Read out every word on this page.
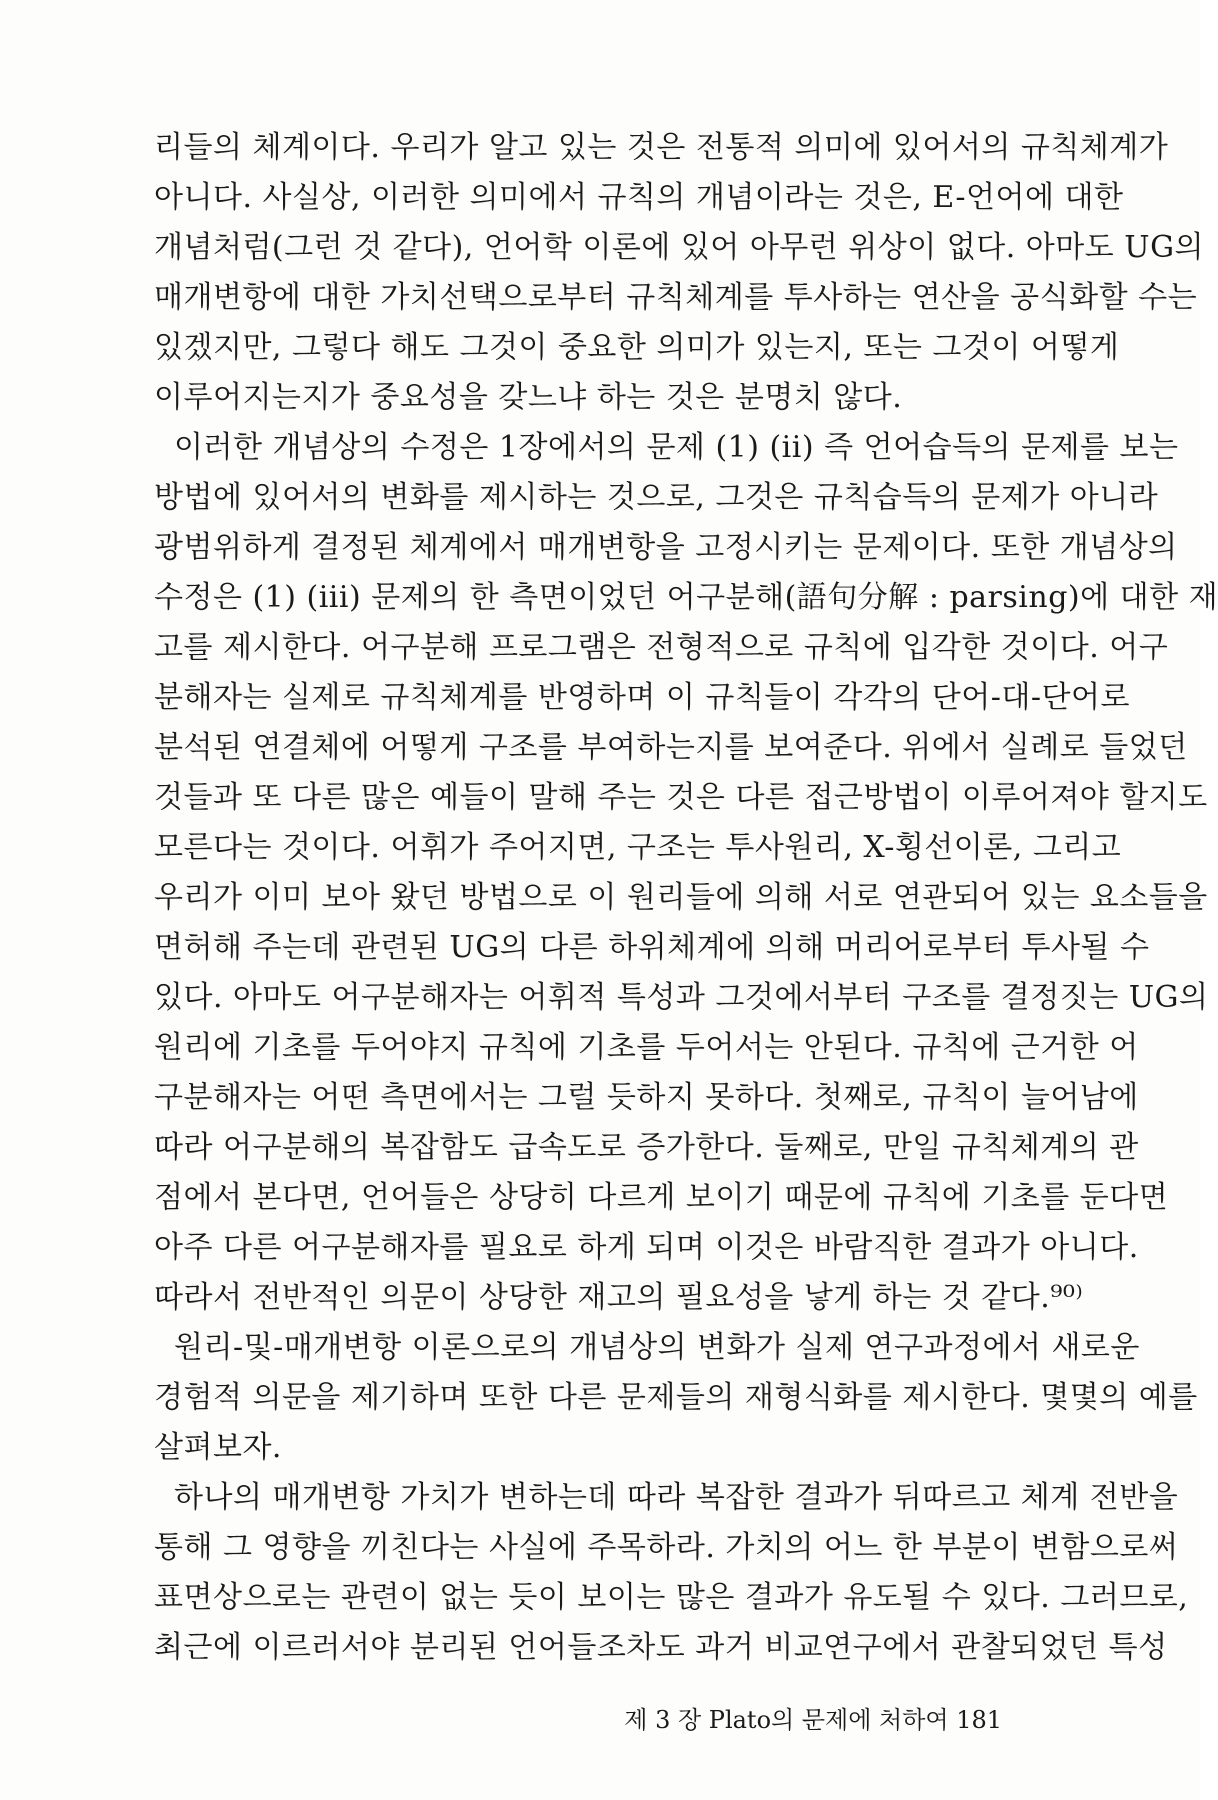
리들의 체계이다. 우리가 알고 있는 것은 전통적 의미에 있어서의 규칙체계가
아니다. 사실상, 이러한 의미에서 규칙의 개념이라는 것은, E-언어에 대한
개념처럼(그런 것 같다), 언어학 이론에 있어 아무런 위상이 없다. 아마도 UG의
매개변항에 대한 가치선택으로부터 규칙체계를 투사하는 연산을 공식화할 수는
있겠지만, 그렇다 해도 그것이 중요한 의미가 있는지, 또는 그것이 어떻게
이루어지는지가 중요성을 갖느냐 하는 것은 분명치 않다.
이러한 개념상의 수정은 1장에서의 문제 (1) (ii) 즉 언어습득의 문제를 보는
방법에 있어서의 변화를 제시하는 것으로, 그것은 규칙습득의 문제가 아니라
광범위하게 결정된 체계에서 매개변항을 고정시키는 문제이다. 또한 개념상의
수정은 (1) (iii) 문제의 한 측면이었던 어구분해(語句分解 : parsing)에 대한 재
고를 제시한다. 어구분해 프로그램은 전형적으로 규칙에 입각한 것이다. 어구
분해자는 실제로 규칙체계를 반영하며 이 규칙들이 각각의 단어-대-단어로
분석된 연결체에 어떻게 구조를 부여하는지를 보여준다. 위에서 실례로 들었던
것들과 또 다른 많은 예들이 말해 주는 것은 다른 접근방법이 이루어져야 할지도
모른다는 것이다. 어휘가 주어지면, 구조는 투사원리, X-횡선이론, 그리고
우리가 이미 보아 왔던 방법으로 이 원리들에 의해 서로 연관되어 있는 요소들을
면허해 주는데 관련된 UG의 다른 하위체계에 의해 머리어로부터 투사될 수
있다. 아마도 어구분해자는 어휘적 특성과 그것에서부터 구조를 결정짓는 UG의
원리에 기초를 두어야지 규칙에 기초를 두어서는 안된다. 규칙에 근거한 어
구분해자는 어떤 측면에서는 그럴 듯하지 못하다. 첫째로, 규칙이 늘어남에
따라 어구분해의 복잡함도 급속도로 증가한다. 둘째로, 만일 규칙체계의 관
점에서 본다면, 언어들은 상당히 다르게 보이기 때문에 규칙에 기초를 둔다면
아주 다른 어구분해자를 필요로 하게 되며 이것은 바람직한 결과가 아니다.
따라서 전반적인 의문이 상당한 재고의 필요성을 낳게 하는 것 같다.⁹⁰⁾
원리-및-매개변항 이론으로의 개념상의 변화가 실제 연구과정에서 새로운
경험적 의문을 제기하며 또한 다른 문제들의 재형식화를 제시한다. 몇몇의 예를
살펴보자.
하나의 매개변항 가치가 변하는데 따라 복잡한 결과가 뒤따르고 체계 전반을
통해 그 영향을 끼친다는 사실에 주목하라. 가치의 어느 한 부분이 변함으로써
표면상으로는 관련이 없는 듯이 보이는 많은 결과가 유도될 수 있다. 그러므로,
최근에 이르러서야 분리된 언어들조차도 과거 비교연구에서 관찰되었던 특성
제 3 장 Plato의 문제에 처하여 181
